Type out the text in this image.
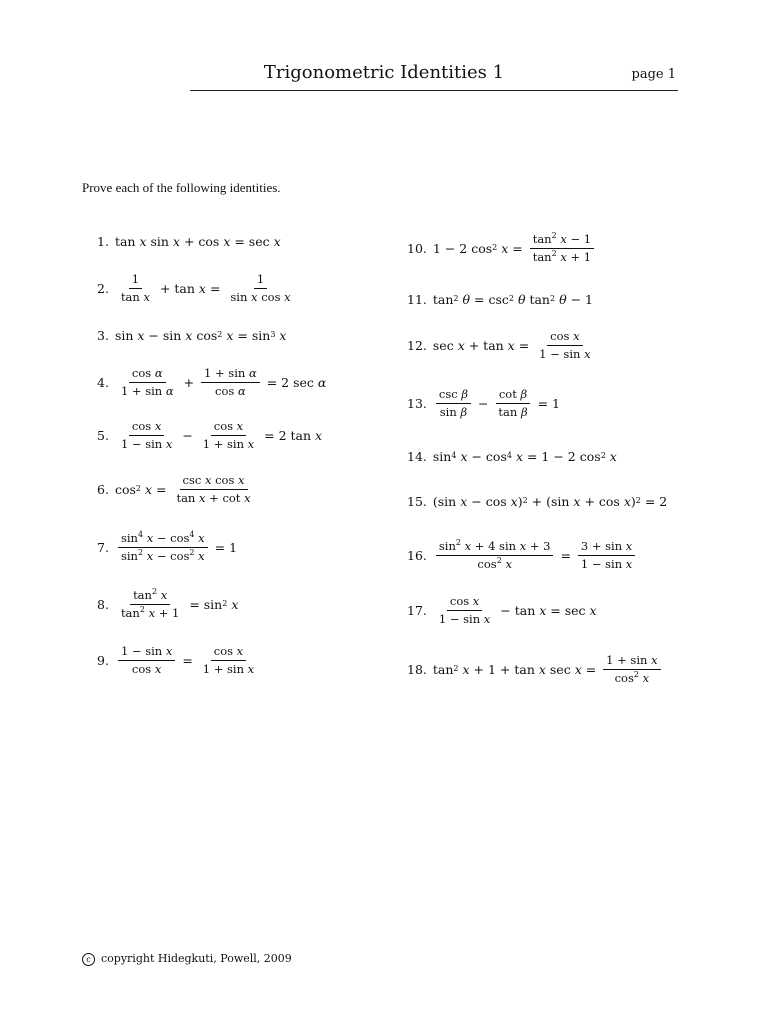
Trigonometric Identities 1	page 1
Prove each of the following identities.
1. tan x sin x + cos x = sec x
2. $\frac{1}{\text{tan x}} + \tan x = \frac{1}{\text{sin x cos x}}$
3. sin x − sin x cos 2
x = sin 3
x
4. $\frac{\text{cos α}}{\text{1 + sin α}} + \frac{\text{1 + sin α}}{\text{cos α}} = 2$ sec α
5. $\frac{\text{cos x}}{\text{1 − sin x}} - \frac{\text{cos x}}{\text{1 + sin x}} = 2$ tan x
6. cos 2
$x = \frac{\text{csc x cos x}}{\text{tan x + cot x}}$
7. $\frac{\sin^4 x - \cos^4 x}{\sin^2 x - \cos^2 x} = 1$
8. $\frac{\tan^2 x}{\tan^2 x + 1} = \sin 2$
x
9. $\frac{\text{1 − sin x}}{\text{cos x}} = \frac{\text{cos x}}{\text{1 + sin x}}$
10. 1 − 2 cos 2
$x = \frac{\tan^2 x - 1}{\tan^2 x + 1}$
11. tan 2
θ = csc 2
θ tan 2
θ − 1
12. $\sec x + \tan x = \frac{\text{cos x}}{\text{1 − sin x}}$
13. $\frac{\text{csc β}}{\text{sin β}} - \frac{\text{cot β}}{\text{tan β}} = 1$
14. sin 4
x − cos 4
x = 1 − 2 cos 2
x
15. (sin x − cos x ) 2 + (sin x + cos x ) 2 = 2
16. $\frac{\sin^2 x + 4 \sin x + 3}{\cos^2 x} = \frac{\text{3 + sin x}}{\text{1 − sin x}}$
17. $\frac{\text{cos x}}{\text{1 − sin x}} - \tan x = \sec x$
18. tan 2
x + 1 + tan x $\sec x = \frac{\text{1 + sin x}}{\cos^2 x}$
c copyright Hidegkuti, Powell, 2009
